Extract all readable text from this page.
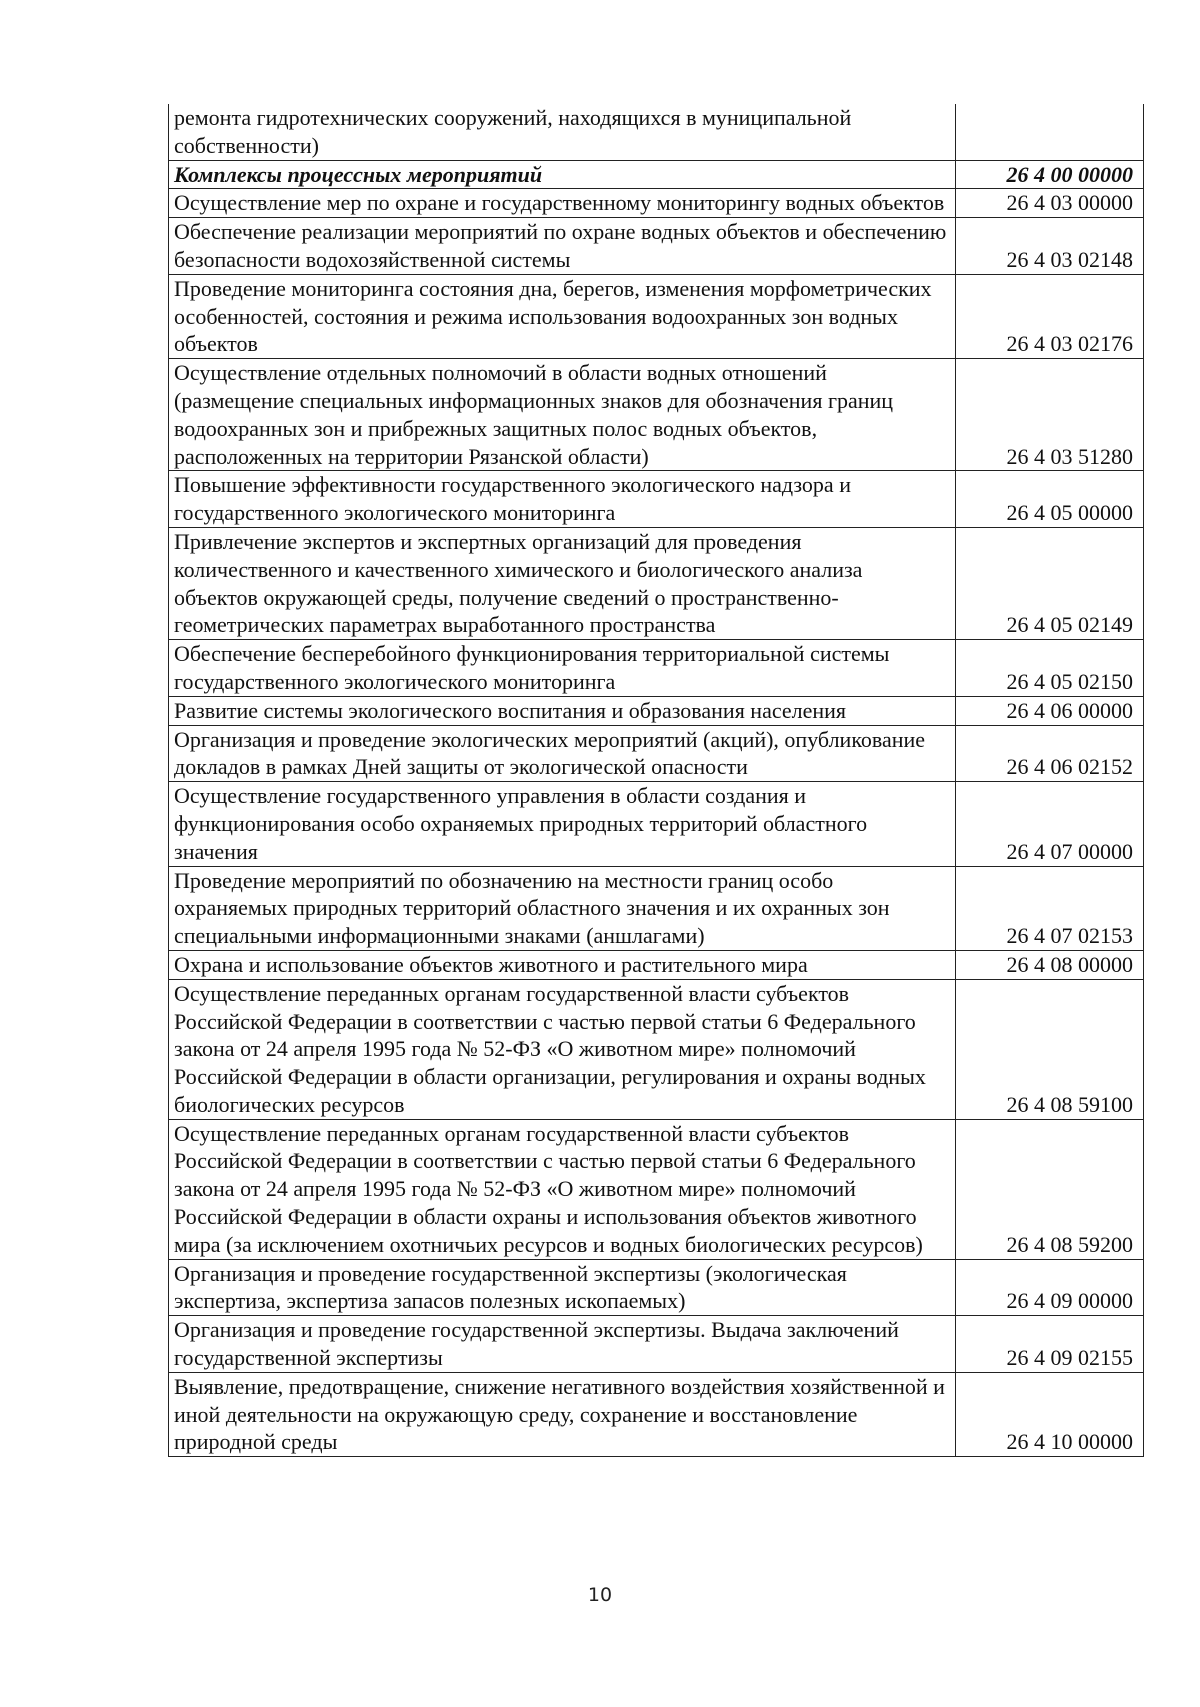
ремонта гидротехнических сооружений, находящихся в муниципальной собственности)	
Комплексы процессных мероприятий	26 4 00 00000
Осуществление мер по охране и государственному мониторингу водных объектов	26 4 03 00000
Обеспечение реализации мероприятий по охране водных объектов и обеспечению безопасности водохозяйственной системы	26 4 03 02148
Проведение мониторинга состояния дна, берегов, изменения морфометрических особенностей, состояния и режима использования водоохранных зон водных объектов	26 4 03 02176
Осуществление отдельных полномочий в области водных отношений (размещение специальных информационных знаков для обозначения границ водоохранных зон и прибрежных защитных полос водных объектов, расположенных на территории Рязанской области)	26 4 03 51280
Повышение эффективности государственного экологического надзора и государственного экологического мониторинга	26 4 05 00000
Привлечение экспертов и экспертных организаций для проведения количественного и качественного химического и биологического анализа объектов окружающей среды, получение сведений о пространственно-геометрических параметрах выработанного пространства	26 4 05 02149
Обеспечение бесперебойного функционирования территориальной системы государственного экологического мониторинга	26 4 05 02150
Развитие системы экологического воспитания и образования населения	26 4 06 00000
Организация и проведение экологических мероприятий (акций), опубликование докладов в рамках Дней защиты от экологической опасности	26 4 06 02152
Осуществление государственного управления в области создания и функционирования особо охраняемых природных территорий областного значения	26 4 07 00000
Проведение мероприятий по обозначению на местности границ особо охраняемых природных территорий областного значения и их охранных зон специальными информационными знаками (аншлагами)	26 4 07 02153
Охрана и использование объектов животного и растительного мира	26 4 08 00000
Осуществление переданных органам государственной власти субъектов Российской Федерации в соответствии с частью первой статьи 6 Федерального закона от 24 апреля 1995 года № 52-ФЗ «О животном мире» полномочий Российской Федерации в области организации, регулирования и охраны водных биологических ресурсов	26 4 08 59100
Осуществление переданных органам государственной власти субъектов Российской Федерации в соответствии с частью первой статьи 6 Федерального закона от 24 апреля 1995 года № 52-ФЗ «О животном мире» полномочий Российской Федерации в области охраны и использования объектов животного мира (за исключением охотничьих ресурсов и водных биологических ресурсов)	26 4 08 59200
Организация и проведение государственной экспертизы (экологическая экспертиза, экспертиза запасов полезных ископаемых)	26 4 09 00000
Организация и проведение государственной экспертизы. Выдача заключений государственной экспертизы	26 4 09 02155
Выявление, предотвращение, снижение негативного воздействия хозяйственной и иной деятельности на окружающую среду, сохранение и восстановление природной среды	26 4 10 00000
10
